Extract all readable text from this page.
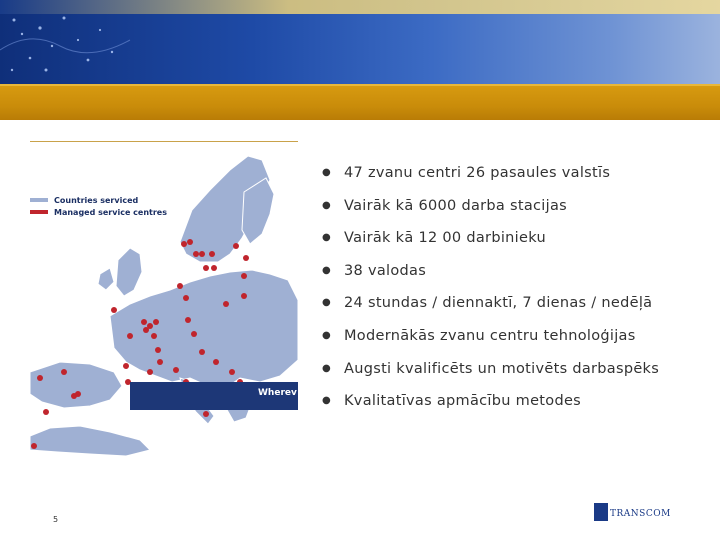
Countries serviced
Managed service centres
Wherev
● 47 zvanu centri 26 pasaules valstīs
● Vairāk kā 6000 darba stacijas
● Vairāk kā 12 00 darbinieku
● 38 valodas
● 24 stundas / diennaktī, 7 dienas / nedēļā
● Modernākās zvanu centru tehnoloģijas
● Augsti kvalificēts un motivēts darbaspēks
● Kvalitatīvas apmācību metodes
5
TRANSCOM
